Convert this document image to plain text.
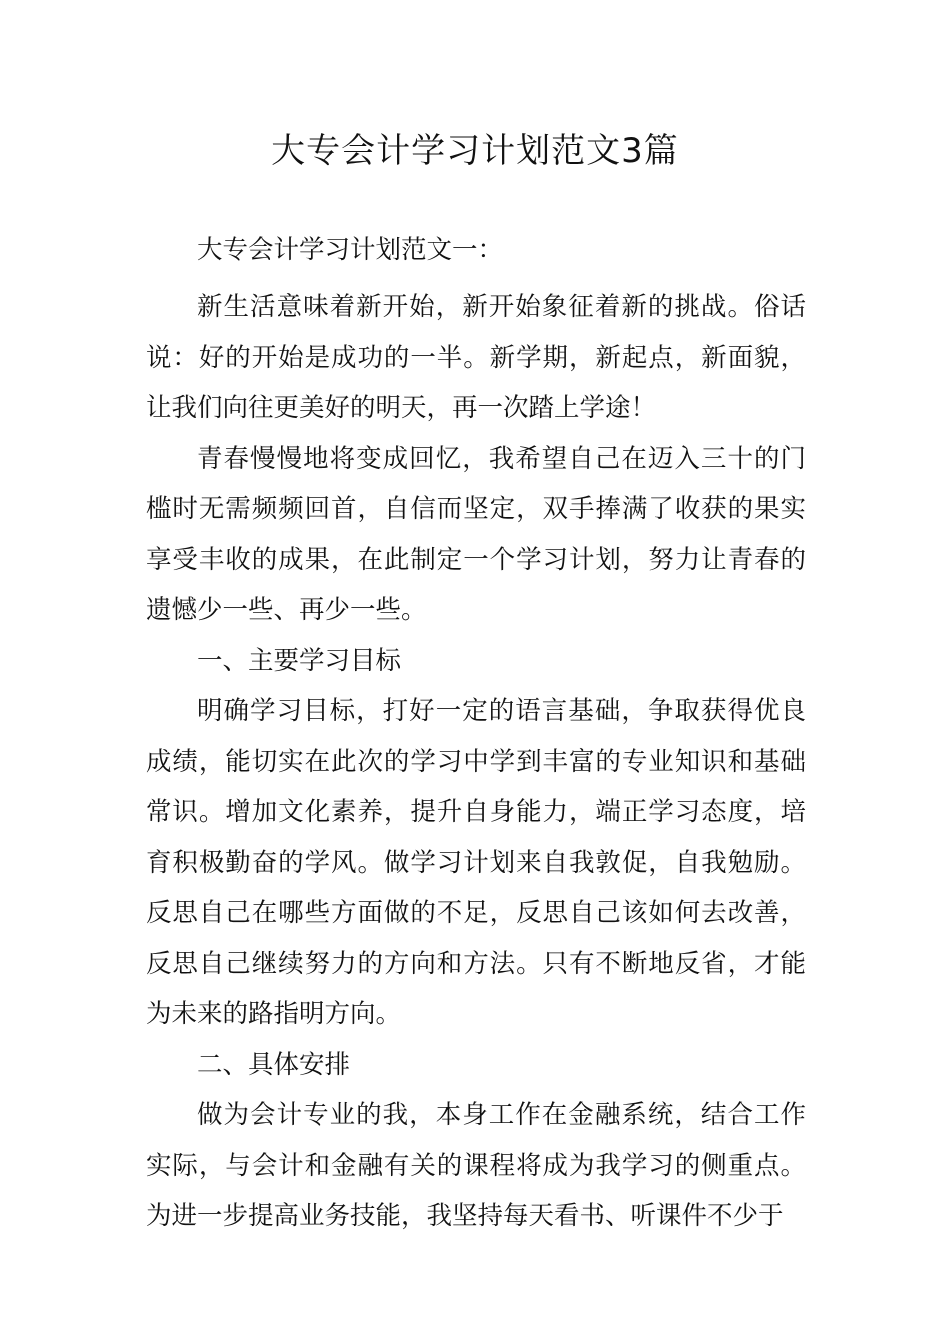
大专会计学习计划范文3篇

大专会计学习计划范文一：

新生活意味着新开始，新开始象征着新的挑战。俗话说：好的开始是成功的一半。新学期，新起点，新面貌，让我们向往更美好的明天，再一次踏上学途！

青春慢慢地将变成回忆，我希望自己在迈入三十的门槛时无需频频回首，自信而坚定，双手捧满了收获的果实享受丰收的成果，在此制定一个学习计划，努力让青春的遗憾少一些、再少一些。

一、主要学习目标

明确学习目标，打好一定的语言基础，争取获得优良成绩，能切实在此次的学习中学到丰富的专业知识和基础常识。增加文化素养，提升自身能力，端正学习态度，培育积极勤奋的学风。做学习计划来自我敦促，自我勉励。反思自己在哪些方面做的不足，反思自己该如何去改善，反思自己继续努力的方向和方法。只有不断地反省，才能为未来的路指明方向。

二、具体安排

做为会计专业的我，本身工作在金融系统，结合工作实际，与会计和金融有关的课程将成为我学习的侧重点。为进一步提高业务技能，我坚持每天看书、听课件不少于
